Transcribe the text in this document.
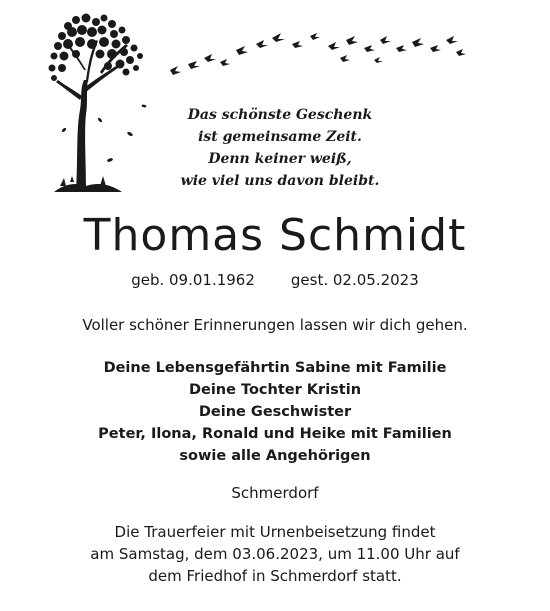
Das schönste Geschenk
ist gemeinsame Zeit.
Denn keiner weiß,
wie viel uns davon bleibt.
Thomas Schmidt
geb. 09.01.1962 gest. 02.05.2023
Voller schöner Erinnerungen lassen wir dich gehen.
Deine Lebensgefährtin Sabine mit Familie
Deine Tochter Kristin
Deine Geschwister
Peter, Ilona, Ronald und Heike mit Familien
sowie alle Angehörigen
Schmerdorf
Die Trauerfeier mit Urnenbeisetzung findet
am Samstag, dem 03.06.2023, um 11.00 Uhr auf
dem Friedhof in Schmerdorf statt.
